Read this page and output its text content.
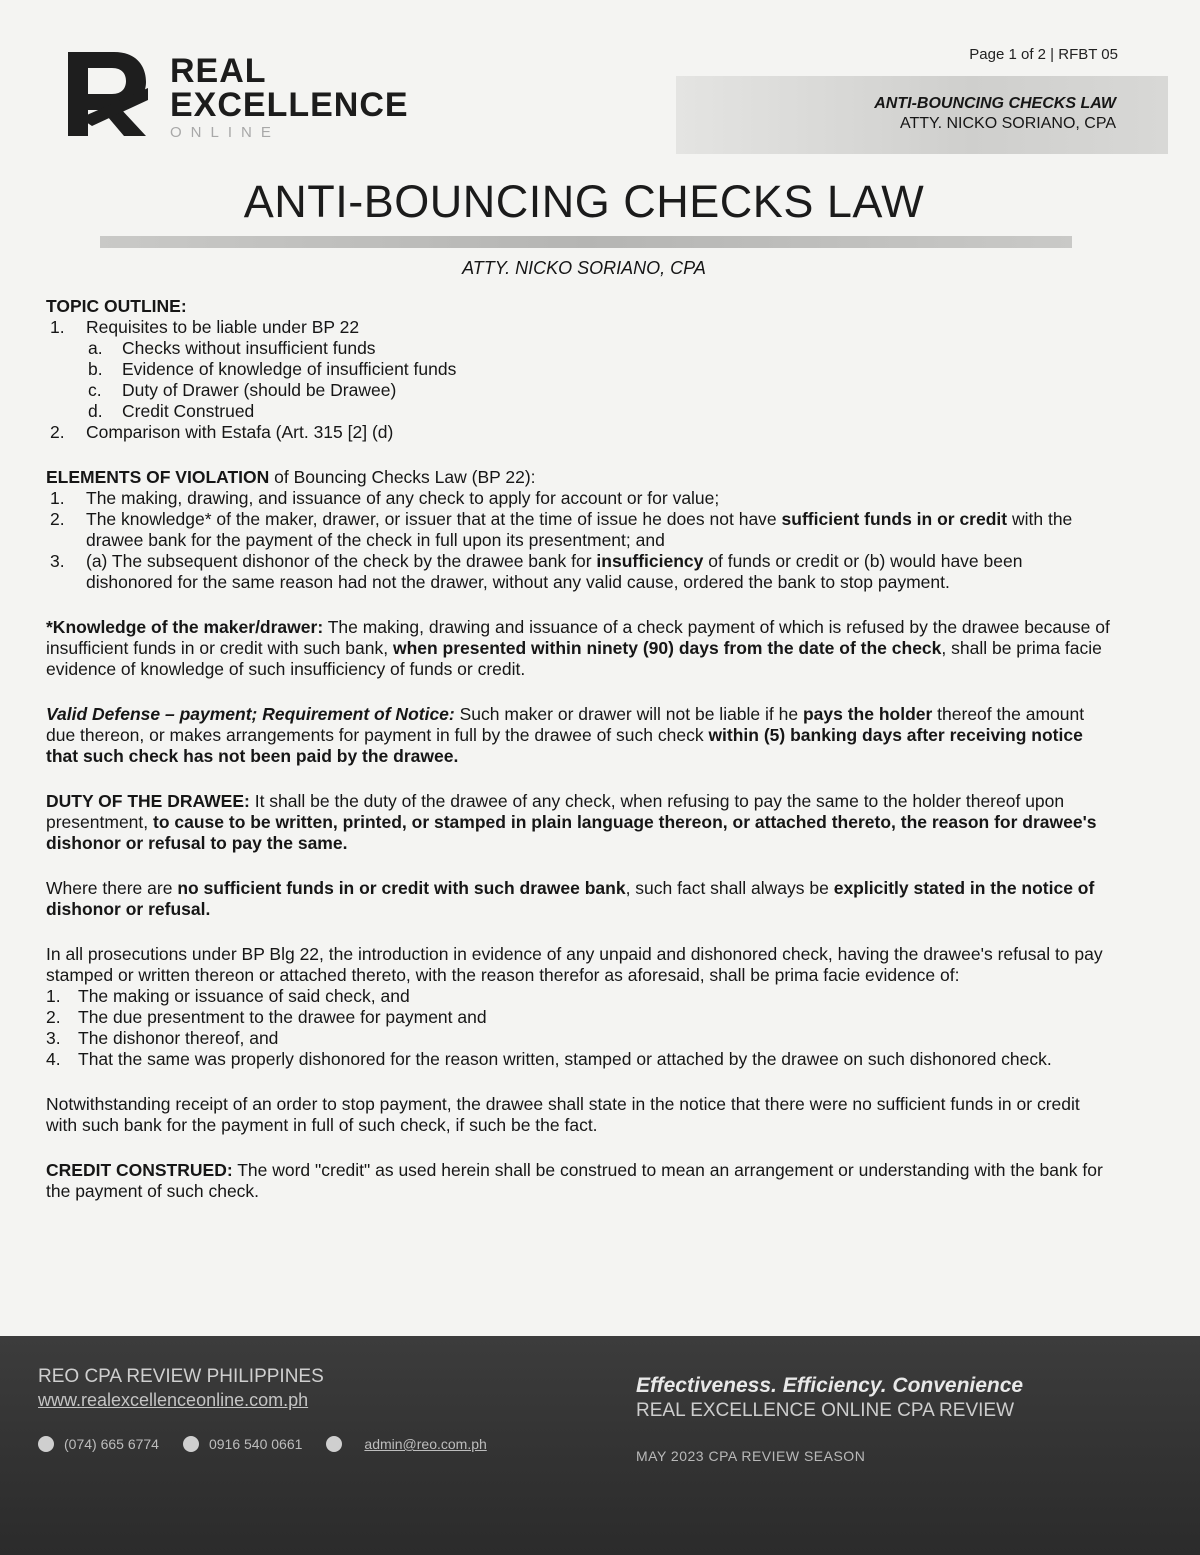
REAL
EXCELLENCE
ONLINE
Page 1 of 2 | RFBT 05
ANTI-BOUNCING CHECKS LAW
ATTY. NICKO SORIANO, CPA
ANTI-BOUNCING CHECKS LAW
ATTY. NICKO SORIANO, CPA

TOPIC OUTLINE:

1. Requisites to be liable under BP 22
a. Checks without insufficient funds
b. Evidence of knowledge of insufficient funds
c. Duty of Drawer (should be Drawee)
d. Credit Construed
2. Comparison with Estafa (Art. 315 [2] (d)

ELEMENTS OF VIOLATION of Bouncing Checks Law (BP 22):

1. The making, drawing, and issuance of any check to apply for account or for value;
2. The knowledge* of the maker, drawer, or issuer that at the time of issue he does not have sufficient funds in or credit with the drawee bank for the payment of the check in full upon its presentment; and
3. (a) The subsequent dishonor of the check by the drawee bank for insufficiency of funds or credit or (b) would have been dishonored for the same reason had not the drawer, without any valid cause, ordered the bank to stop payment.

*Knowledge of the maker/drawer: The making, drawing and issuance of a check payment of which is refused by the drawee because of insufficient funds in or credit with such bank, when presented within ninety (90) days from the date of the check, shall be prima facie evidence of knowledge of such insufficiency of funds or credit.

Valid Defense – payment; Requirement of Notice: Such maker or drawer will not be liable if he pays the holder thereof the amount due thereon, or makes arrangements for payment in full by the drawee of such check within (5) banking days after receiving notice that such check has not been paid by the drawee.

DUTY OF THE DRAWEE: It shall be the duty of the drawee of any check, when refusing to pay the same to the holder thereof upon presentment, to cause to be written, printed, or stamped in plain language thereon, or attached thereto, the reason for drawee's dishonor or refusal to pay the same.

Where there are no sufficient funds in or credit with such drawee bank, such fact shall always be explicitly stated in the notice of dishonor or refusal.

In all prosecutions under BP Blg 22, the introduction in evidence of any unpaid and dishonored check, having the drawee's refusal to pay stamped or written thereon or attached thereto, with the reason therefor as aforesaid, shall be prima facie evidence of:

1. The making or issuance of said check, and
2. The due presentment to the drawee for payment and
3. The dishonor thereof, and
4. That the same was properly dishonored for the reason written, stamped or attached by the drawee on such dishonored check.

Notwithstanding receipt of an order to stop payment, the drawee shall state in the notice that there were no sufficient funds in or credit with such bank for the payment in full of such check, if such be the fact.

CREDIT CONSTRUED: The word "credit" as used herein shall be construed to mean an arrangement or understanding with the bank for the payment of such check.

REO CPA REVIEW PHILIPPINES
www.realexcellenceonline.com.ph
(074) 665 6774	0916 540 0661	admin@reo.com.ph
Effectiveness. Efficiency. Convenience
REAL EXCELLENCE ONLINE CPA REVIEW
MAY 2023 CPA REVIEW SEASON
